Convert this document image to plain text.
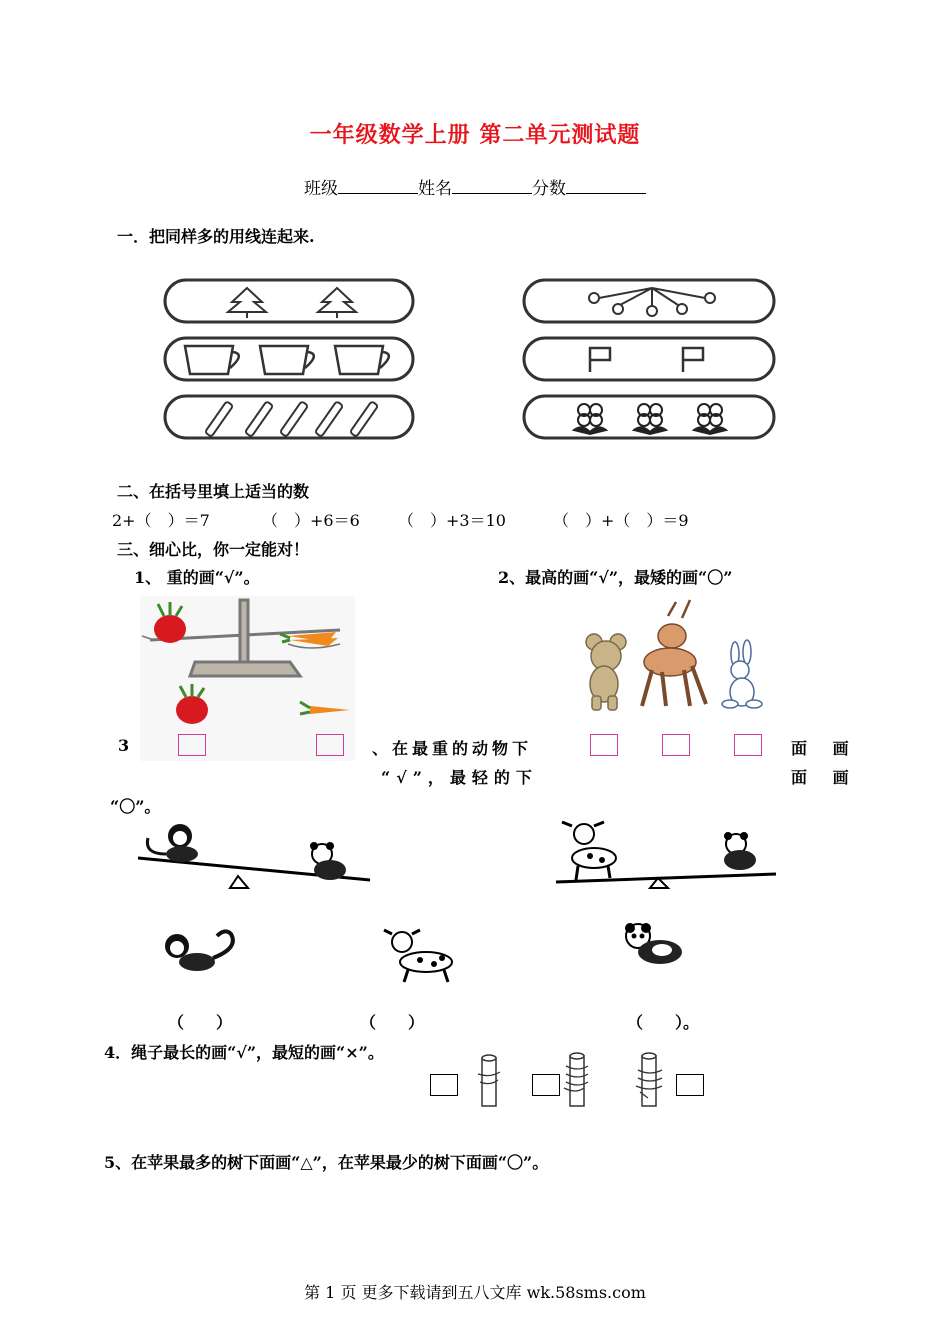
一年级数学上册 第二单元测试题
班级	姓名	分数
一．把同样多的用线连起来.
二、在括号里填上适当的数
2+（　）＝7	（　）+6＝6 （　）+3＝10	（　）+（　）＝9
三、细心比，你一定能对！
1、 重的画“√”。	2、最高的画“√”，最矮的画“〇”
3	、在最重的动物下	面 画
“√”，最轻的下	面 画
“〇”。
（　　）	（　　）	（　　）。
4．绳子最长的画“√”，最短的画“×”。
5、在苹果最多的树下面画“△”，在苹果最少的树下面画“〇”。
第 1 页 更多下载请到五八文库 wk.58sms.com
